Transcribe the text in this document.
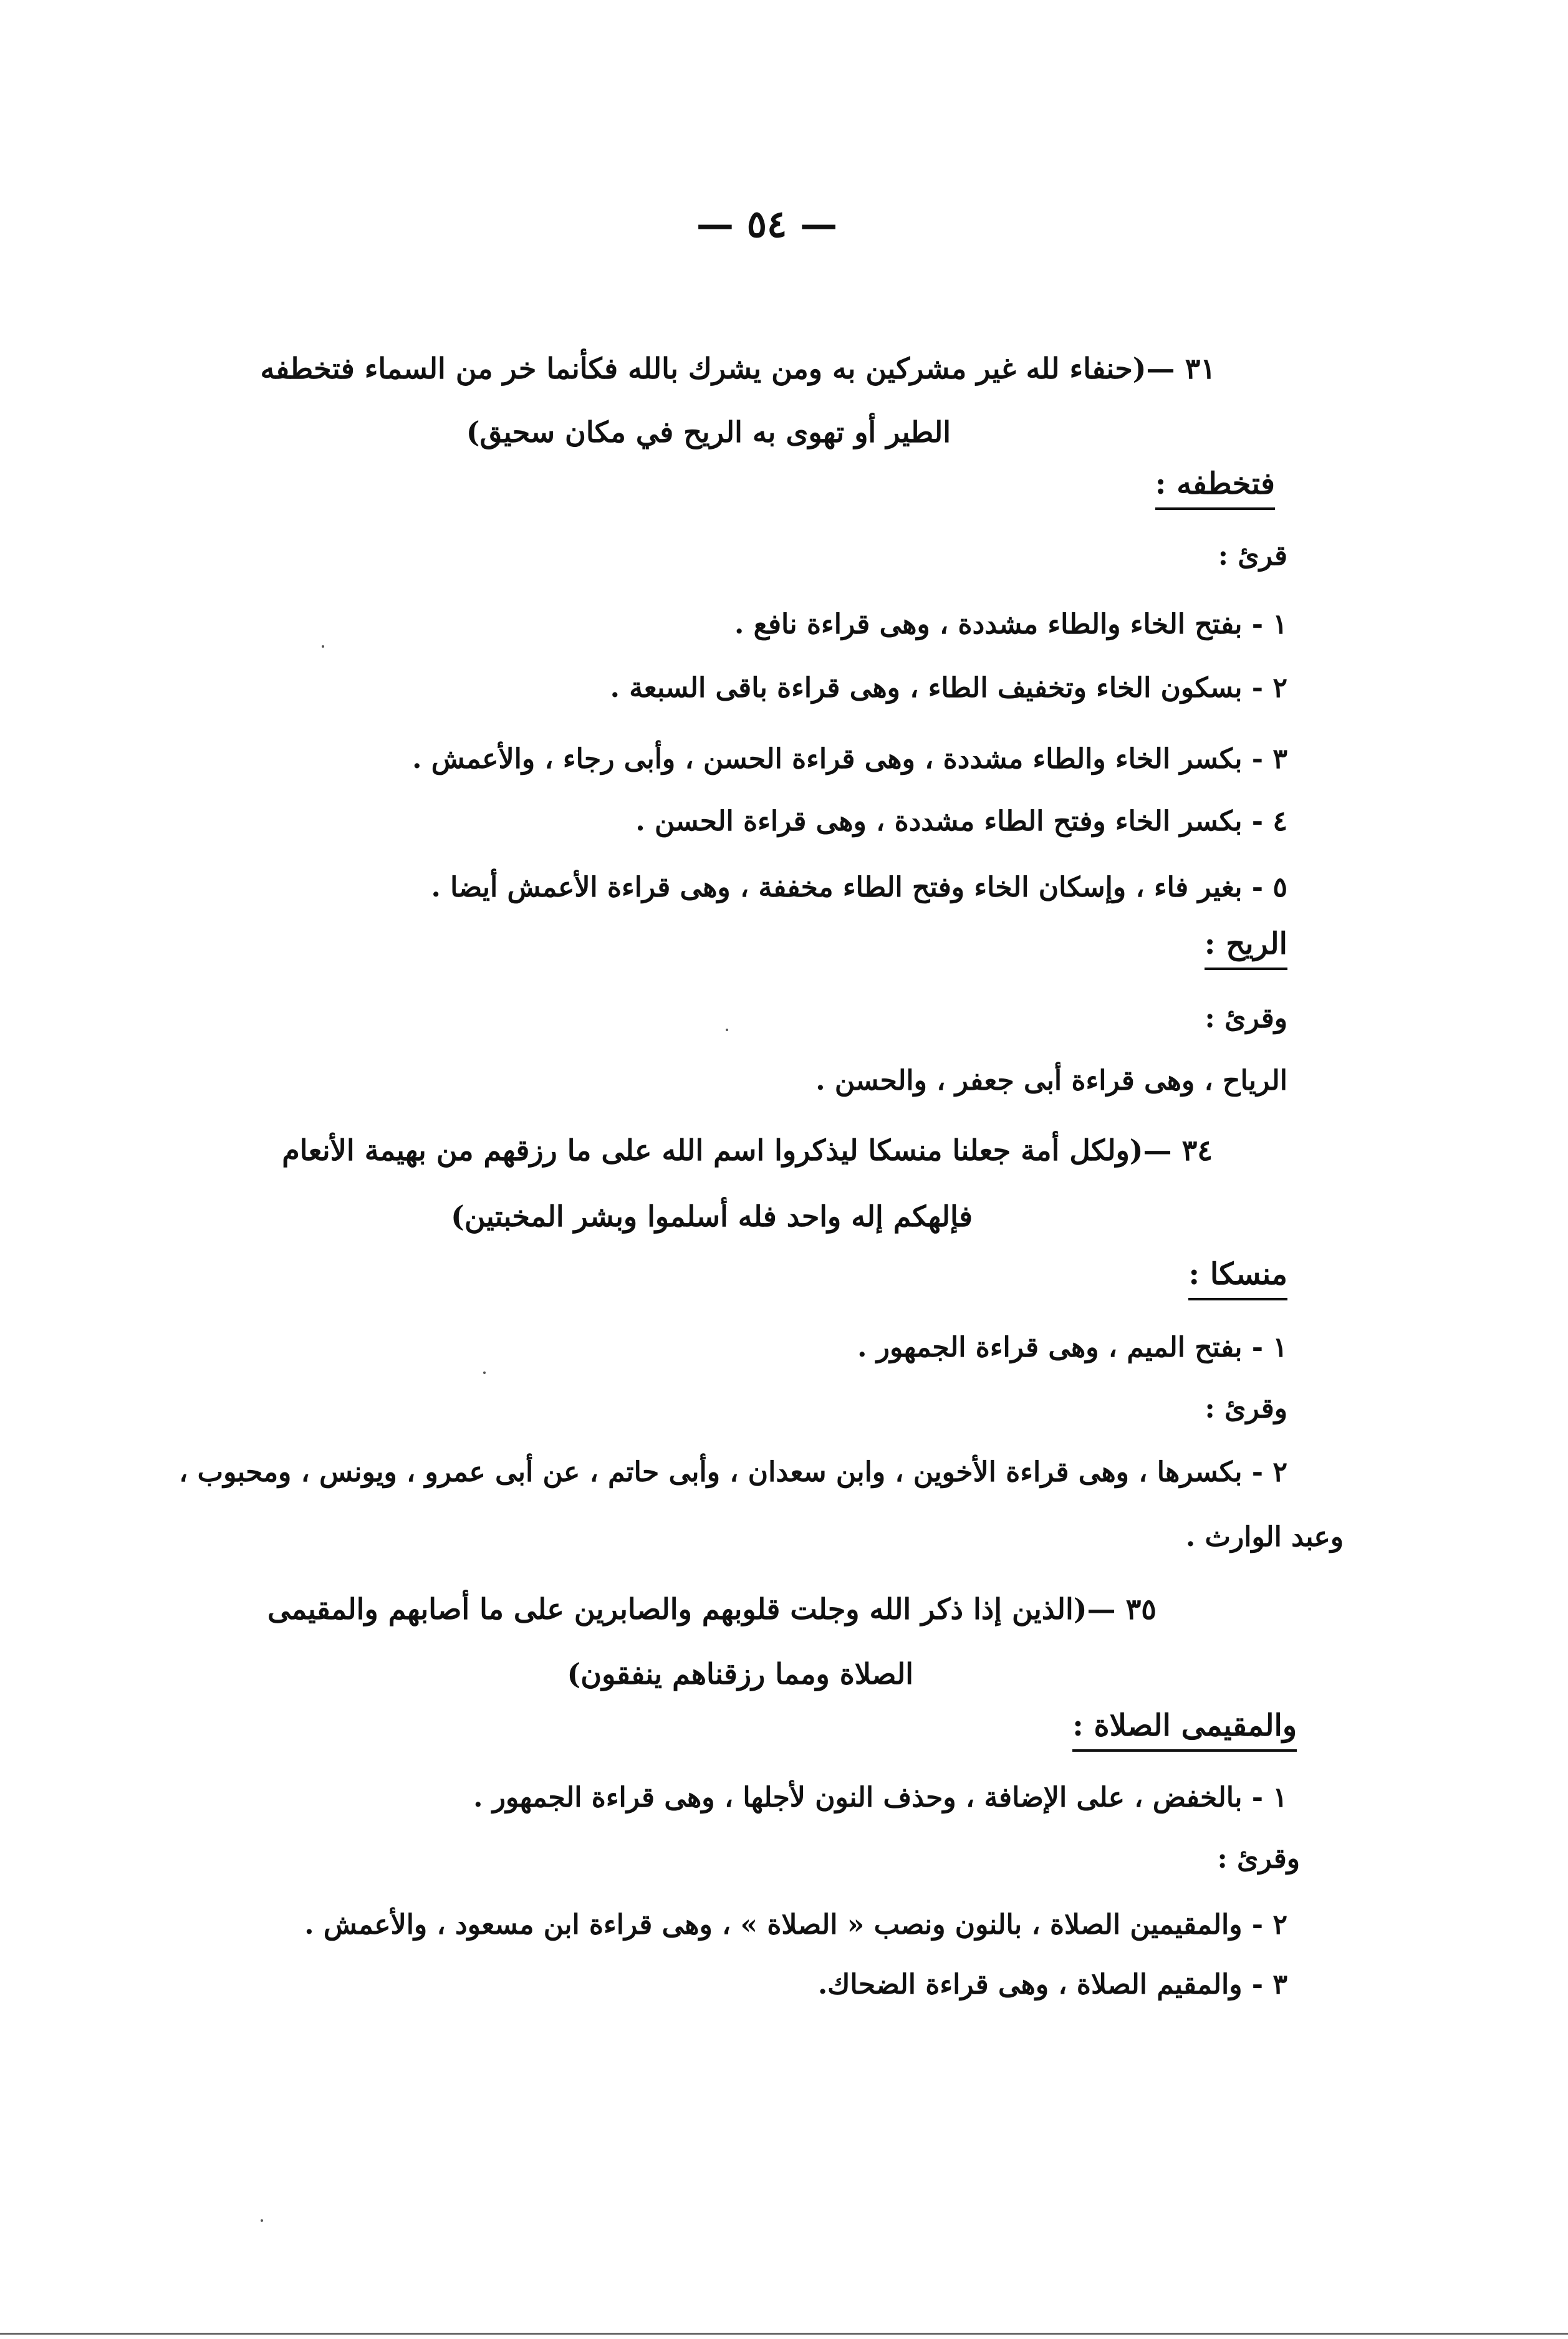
— ٥٤ —
٣١ —(حنفاء لله غير مشركين به ومن يشرك بالله فكأنما خر من السماء فتخطفه
الطير أو تهوى به الريح في مكان سحيق)
فتخطفه :
قرئ :
١ - بفتح الخاء والطاء مشددة ، وهى قراءة نافع .
٢ - بسكون الخاء وتخفيف الطاء ، وهى قراءة باقى السبعة .
٣ - بكسر الخاء والطاء مشددة ، وهى قراءة الحسن ، وأبى رجاء ، والأعمش .
٤ - بكسر الخاء وفتح الطاء مشددة ، وهى قراءة الحسن .
٥ - بغير فاء ، وإسكان الخاء وفتح الطاء مخففة ، وهى قراءة الأعمش أيضا .
الريح :
وقرئ :
الرياح ، وهى قراءة أبى جعفر ، والحسن .
٣٤ —(ولكل أمة جعلنا منسكا ليذكروا اسم الله على ما رزقهم من بهيمة الأنعام
فإلهكم إله واحد فله أسلموا وبشر المخبتين)
منسكا :
١ - بفتح الميم ، وهى قراءة الجمهور .
وقرئ :
٢ - بكسرها ، وهى قراءة الأخوين ، وابن سعدان ، وأبى حاتم ، عن أبى عمرو ، ويونس ، ومحبوب ،
وعبد الوارث .
٣٥ —(الذين إذا ذكر الله وجلت قلوبهم والصابرين على ما أصابهم والمقيمى
الصلاة ومما رزقناهم ينفقون)
والمقيمى الصلاة :
١ - بالخفض ، على الإضافة ، وحذف النون لأجلها ، وهى قراءة الجمهور .
وقرئ :
٢ - والمقيمين الصلاة ، بالنون ونصب « الصلاة » ، وهى قراءة ابن مسعود ، والأعمش .
٣ - والمقيم الصلاة ، وهى قراءة الضحاك.
